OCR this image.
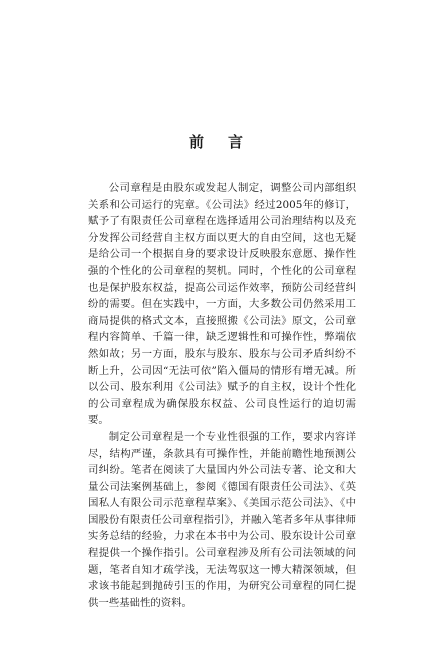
前言

公司章程是由股东或发起人制定，调整公司内部组织关系和公司运行的宪章。《公司法》经过2005年的修订，赋予了有限责任公司章程在选择适用公司治理结构以及充分发挥公司经营自主权方面以更大的自由空间，这也无疑是给公司一个根据自身的要求设计反映股东意愿、操作性强的个性化的公司章程的契机。同时，个性化的公司章程也是保护股东权益，提高公司运作效率，预防公司经营纠纷的需要。但在实践中，一方面，大多数公司仍然采用工商局提供的格式文本，直接照搬《公司法》原文，公司章程内容简单、千篇一律，缺乏逻辑性和可操作性，弊端依然如故；另一方面，股东与股东、股东与公司矛盾纠纷不断上升，公司因“无法可依”陷入僵局的情形有增无减。所以公司、股东利用《公司法》赋予的自主权，设计个性化的公司章程成为确保股东权益、公司良性运行的迫切需要。

制定公司章程是一个专业性很强的工作，要求内容详尽，结构严谨，条款具有可操作性，并能前瞻性地预测公司纠纷。笔者在阅读了大量国内外公司法专著、论文和大量公司法案例基础上，参阅《德国有限责任公司法》、《英国私人有限公司示范章程草案》、《美国示范公司法》、《中国股份有限责任公司章程指引》，并融入笔者多年从事律师实务总结的经验，力求在本书中为公司、股东设计公司章程提供一个操作指引。公司章程涉及所有公司法领域的问题，笔者自知才疏学浅，无法驾驭这一博大精深领域，但求该书能起到抛砖引玉的作用，为研究公司章程的同仁提供一些基础性的资料。
